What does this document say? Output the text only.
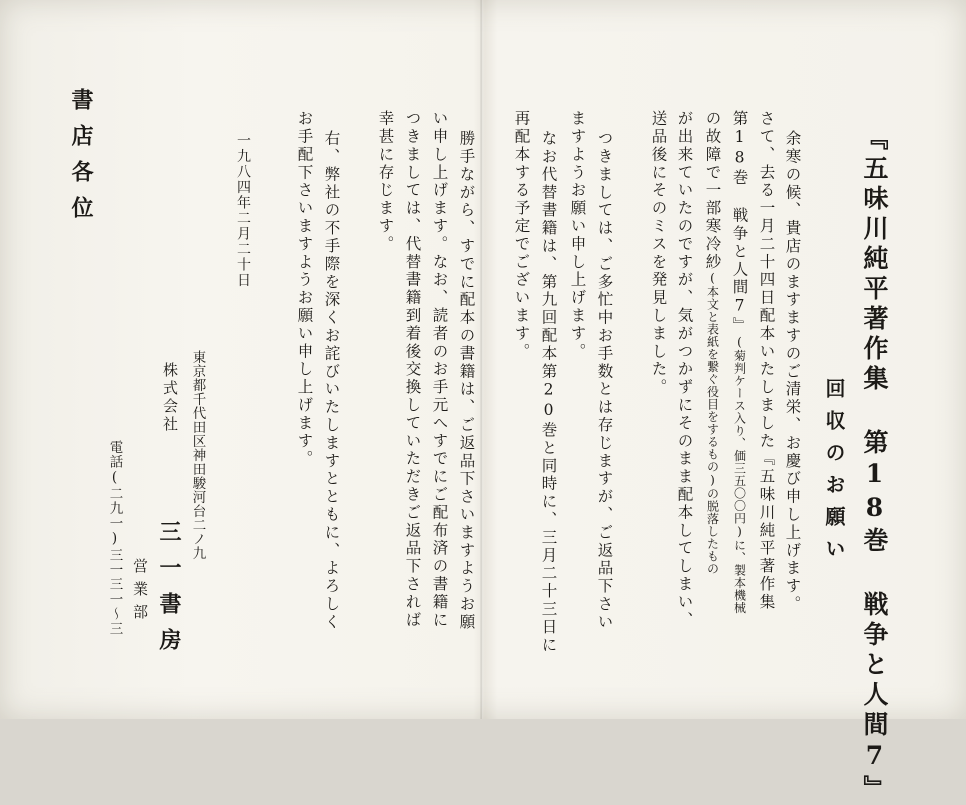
『五味川純平著作集 第18巻 戦争と人間7』
回収のお願い
余寒の候、貴店のますますのご清栄、お慶び申し上げます。
さて、去る一月二十四日配本いたしました『五味川純平著作集
第18巻 戦争と人間7』(菊判ケース入り、価三五〇〇円)に、製本機械
の故障で一部寒冷紗(本文と表紙を繋ぐ役目をするもの)の脱落したもの
が出来ていたのですが、気がつかずにそのまま配本してしまい、
送品後にそのミスを発見しました。
つきましては、ご多忙中お手数とは存じますが、ご返品下さい
ますようお願い申し上げます。
なお代替書籍は、第九回配本第20巻と同時に、三月二十三日に
再配本する予定でございます。
勝手ながら、すでに配本の書籍は、ご返品下さいますようお願
い申し上げます。なお、読者のお手元へすでにご配布済の書籍に
つきましては、代替書籍到着後交換していただきご返品下されば
幸甚に存じます。
右、弊社の不手際を深くお詫びいたしますとともに、よろしく
お手配下さいますようお願い申し上げます。
一九八四年二月二十日
東京都千代田区神田駿河台二ノ九
株式会社
三一書房
営業部
電話(二九一)三一三一〜三
書店各位
